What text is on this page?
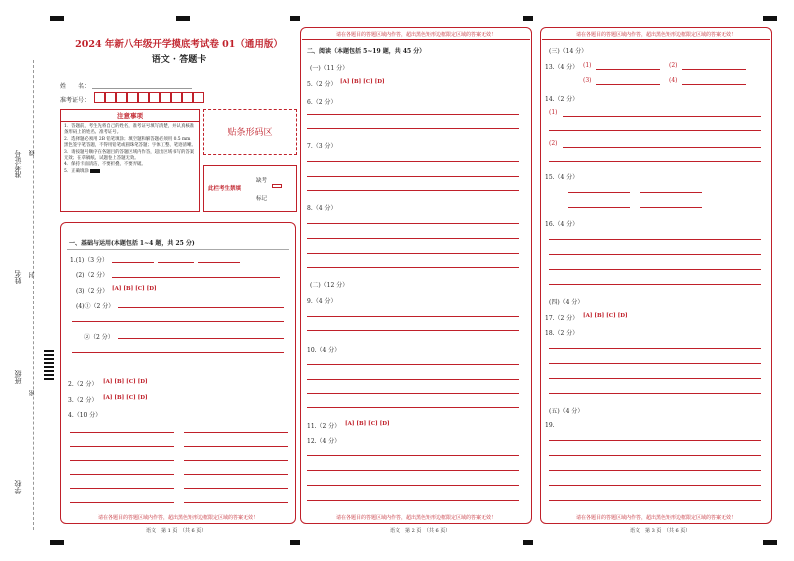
准考证号 线
姓名 封
班级
密
学校
2024 年新八年级开学摸底考试卷 01（通用版）
语文 · 答题卡
姓　　名：
准考证号：
注意事项
1．答题前，考生先将自己的姓名，准考证号填写清楚，并认真核准条形码上的姓名、准考证号。
2．选择题必须用 2B 铅笔填涂；填空题和解答题必须用 0.5 mm 黑色签字笔答题，不得用铅笔或圆珠笔答题；字体工整、笔迹清晰。
3．请按题号顺序在各题目的答题区域内作答，超出区域书写的答案无效；在草稿纸、试题卷上答题无效。
4．保持卡面清洁，不要折叠、不要弄破。
5．正确填涂
贴条形码区
此栏考生禁填
缺考
标记
一、基础与运用(本题包括 1~4 题，共 25 分)
1.(1)（3 分）
(2)（2 分）
(3)（2 分） [A] [B] [C] [D]
(4)①（2 分）
②（2 分）
2.（2 分） [A] [B] [C] [D]
3.（2 分） [A] [B] [C] [D]
4.（10 分）
请在各题目的答题区域内作答，超出黑色矩形边框限定区域的答案无效！
语文　第 1 页　（共 6 页）
请在各题目的答题区域内作答，超出黑色矩形边框限定区域的答案无效！
二、阅读（本题包括 5~19 题，共 45 分）
(一)（11 分）
5.（2 分） [A] [B] [C] [D]
6.（2 分）
7.（3 分）
8.（4 分）
(二)（12 分）
9.（4 分）
10.（4 分）
11.（2 分） [A] [B] [C] [D]
12.（4 分）
请在各题目的答题区域内作答，超出黑色矩形边框限定区域的答案无效！
语文　第 2 页　（共 6 页）
请在各题目的答题区域内作答，超出黑色矩形边框限定区域的答案无效！
(三)（14 分）
13.（4 分） (1)	(2)
(3)	(4)
14.（2 分）
(1)
(2)
15.（4 分）
16.（4 分）
(四)（4 分）
17.（2 分） [A] [B] [C] [D]
18.（2 分）
(五)（4 分）
19.
请在各题目的答题区域内作答，超出黑色矩形边框限定区域的答案无效！
语文　第 3 页　（共 6 页）
